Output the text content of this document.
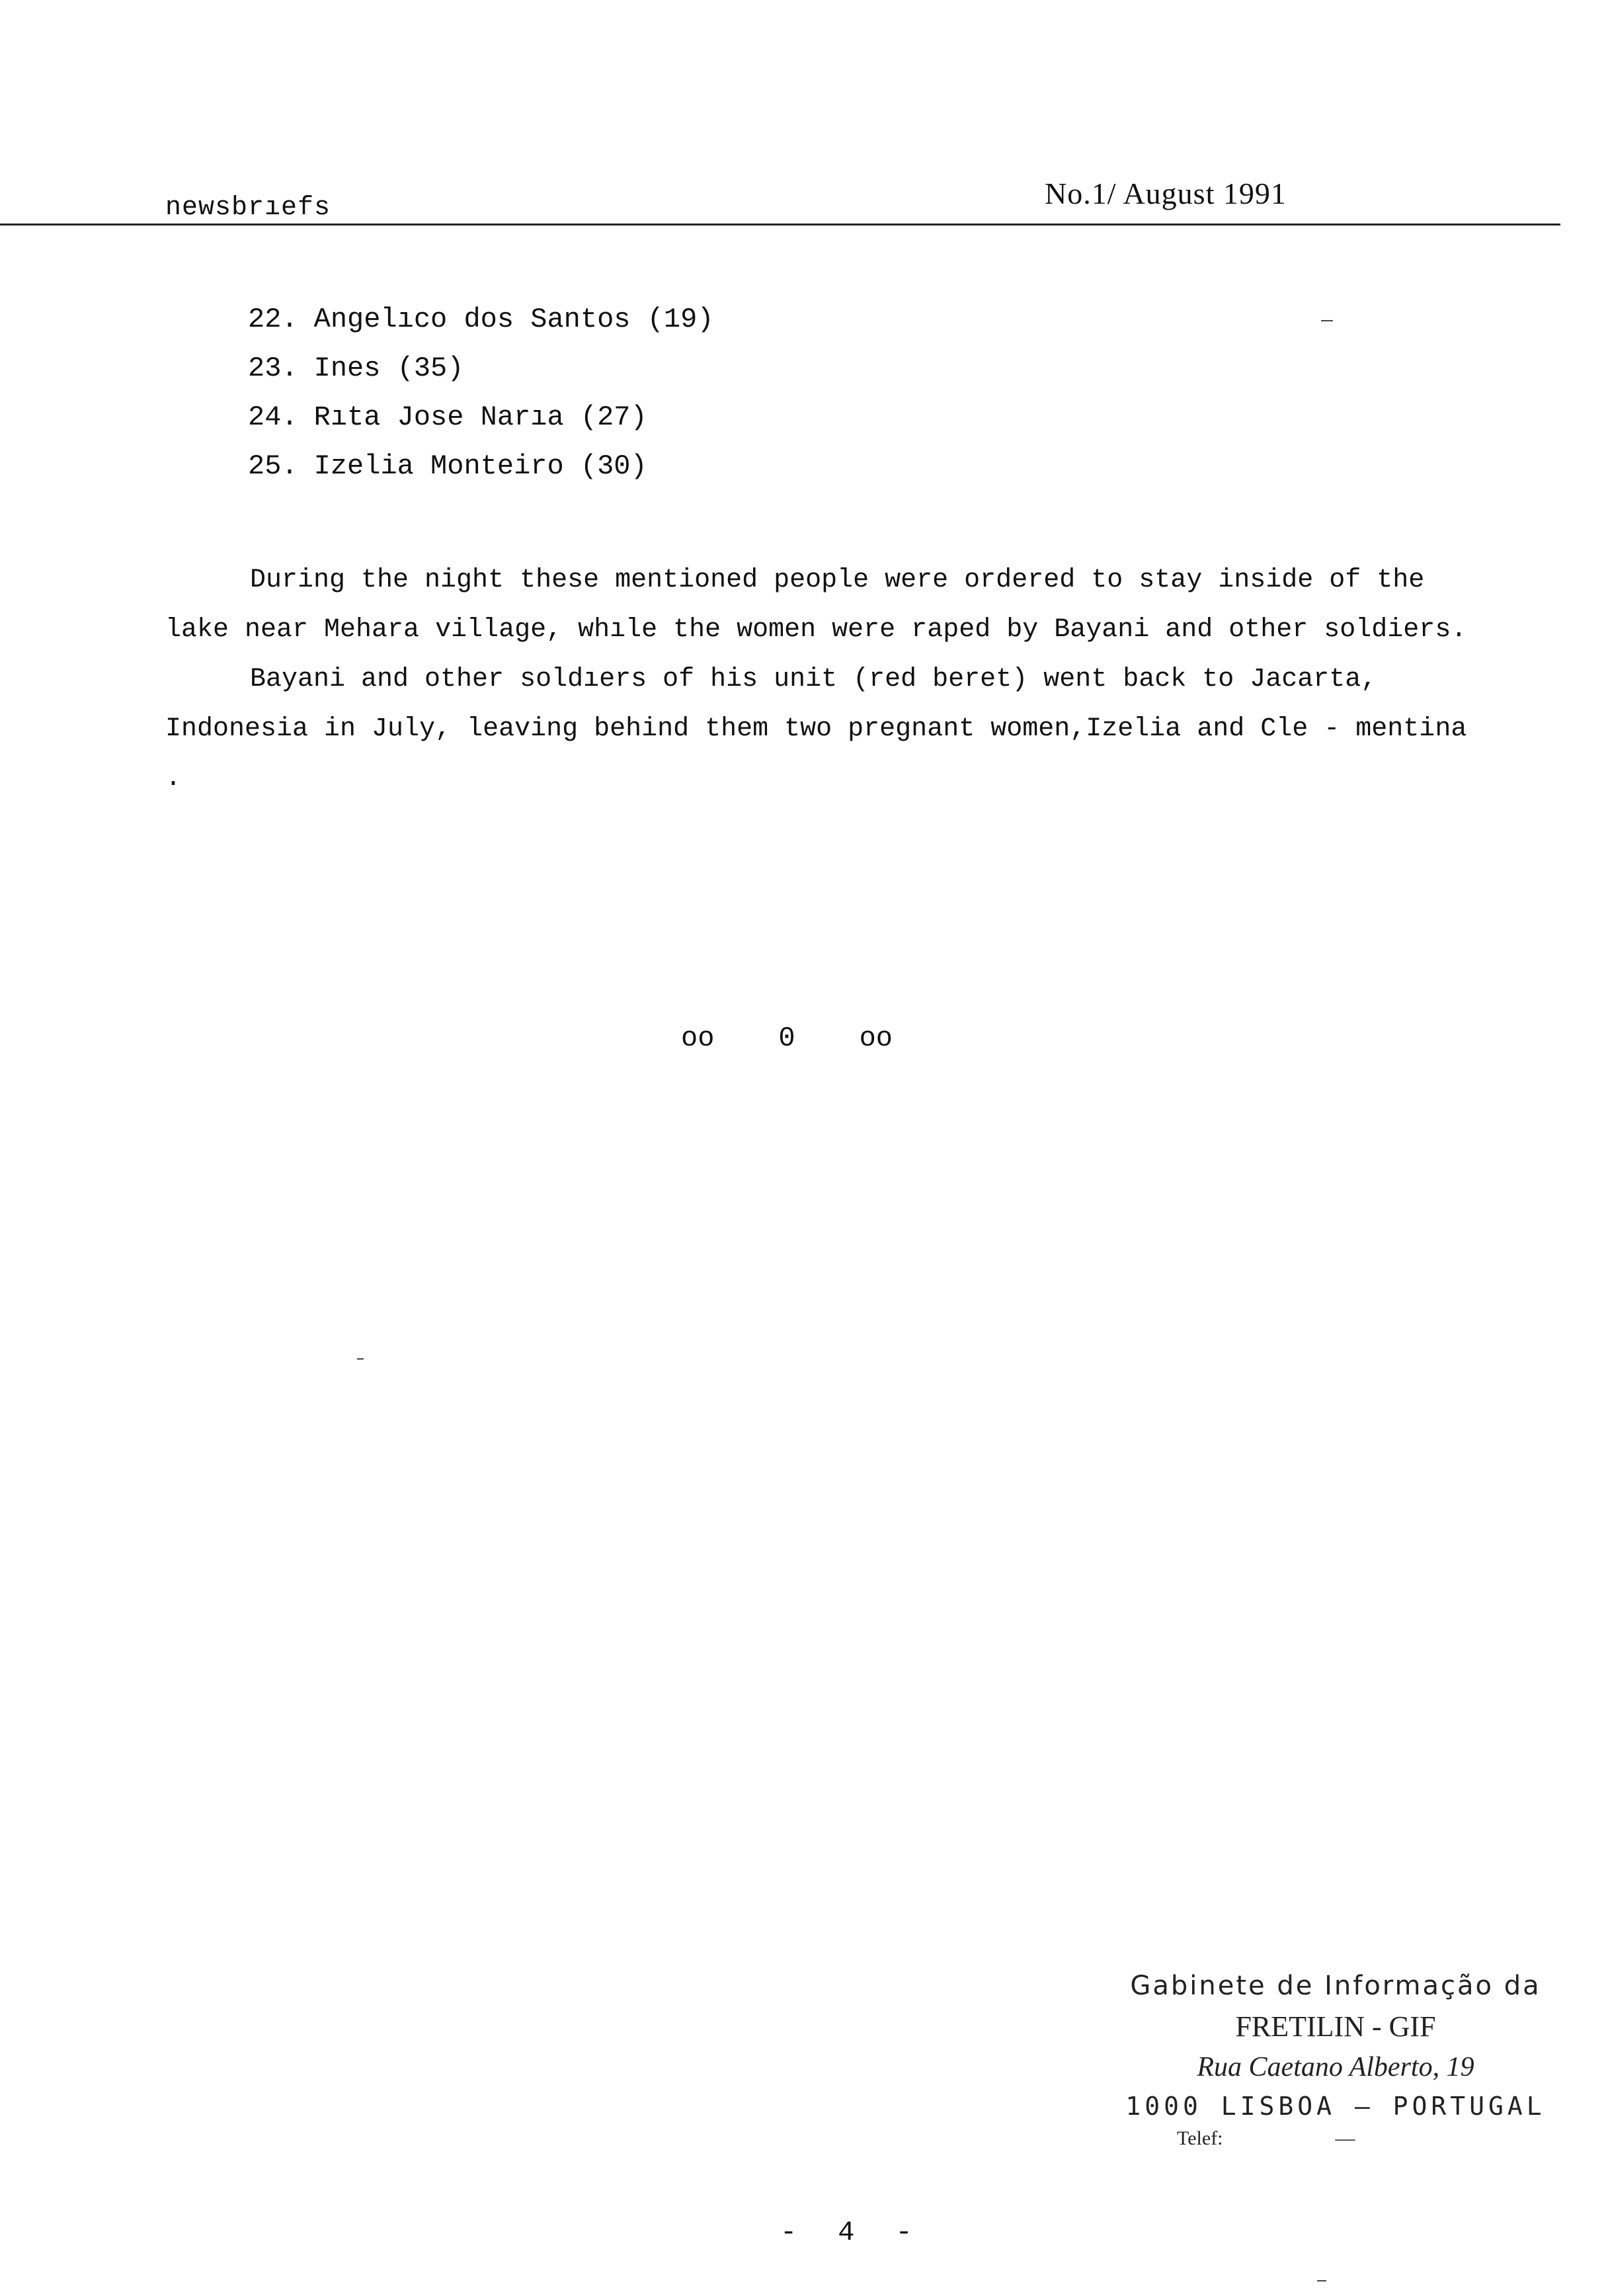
newsbrıefs	No.1/ August 1991
22. Angelıco dos Santos (19)
23. Ines (35)
24. Rıta Jose Narıa (27)
25. Izelia Monteiro (30)

During the night these mentioned people were ordered to stay inside of the lake near Mehara village, whıle the women were raped by Bayani and other soldiers.

Bayani and other soldıers of his unit (red beret) went back to Jacarta, Indonesia in July, leaving behind them two pregnant women,Izelia and Cle - mentina .

oo 0 oo
Gabinete de Informação da
FRETILIN - GIF
Rua Caetano Alberto, 19
1000 LISBOA — PORTUGAL
Telef:	—
- 4 -
